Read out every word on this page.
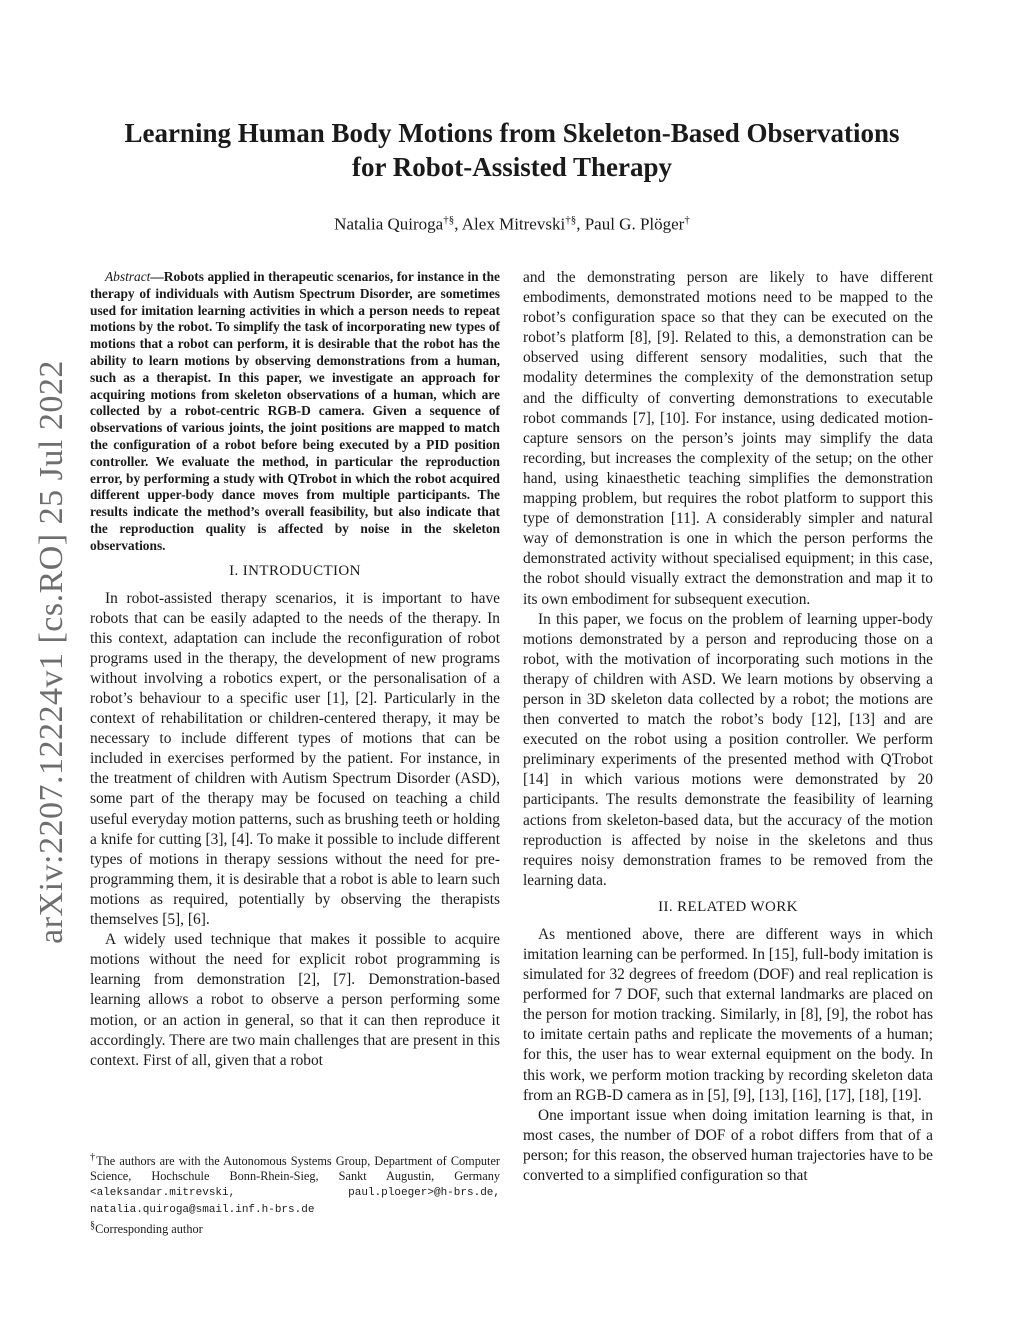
arXiv:2207.12224v1 [cs.RO] 25 Jul 2022
Learning Human Body Motions from Skeleton-Based Observations
for Robot-Assisted Therapy
Natalia Quiroga†§, Alex Mitrevski†§, Paul G. Plöger†

Abstract—Robots applied in therapeutic scenarios, for instance in the therapy of individuals with Autism Spectrum Disorder, are sometimes used for imitation learning activities in which a person needs to repeat motions by the robot. To simplify the task of incorporating new types of motions that a robot can perform, it is desirable that the robot has the ability to learn motions by observing demonstrations from a human, such as a therapist. In this paper, we investigate an approach for acquiring motions from skeleton observations of a human, which are collected by a robot-centric RGB-D camera. Given a sequence of observations of various joints, the joint positions are mapped to match the configuration of a robot before being executed by a PID position controller. We evaluate the method, in particular the reproduction error, by performing a study with QTrobot in which the robot acquired different upper-body dance moves from multiple participants. The results indicate the method’s overall feasibility, but also indicate that the reproduction quality is affected by noise in the skeleton observations.

I. INTRODUCTION

In robot-assisted therapy scenarios, it is important to have robots that can be easily adapted to the needs of the therapy. In this context, adaptation can include the reconfiguration of robot programs used in the therapy, the development of new programs without involving a robotics expert, or the personalisation of a robot’s behaviour to a specific user [1], [2]. Particularly in the context of rehabilitation or children-centered therapy, it may be necessary to include different types of motions that can be included in exercises performed by the patient. For instance, in the treatment of children with Autism Spectrum Disorder (ASD), some part of the therapy may be focused on teaching a child useful everyday motion patterns, such as brushing teeth or holding a knife for cutting [3], [4]. To make it possible to include different types of motions in therapy sessions without the need for pre-programming them, it is desirable that a robot is able to learn such motions as required, potentially by observing the therapists themselves [5], [6].

A widely used technique that makes it possible to acquire motions without the need for explicit robot programming is learning from demonstration [2], [7]. Demonstration-based learning allows a robot to observe a person performing some motion, or an action in general, so that it can then reproduce it accordingly. There are two main challenges that are present in this context. First of all, given that a robot

†The authors are with the Autonomous Systems Group, Department of Computer Science, Hochschule Bonn-Rhein-Sieg, Sankt Augustin, Germany <aleksandar.mitrevski, paul.ploeger>@h-brs.de, natalia.quiroga@smail.inf.h-brs.de

§Corresponding author

and the demonstrating person are likely to have different embodiments, demonstrated motions need to be mapped to the robot’s configuration space so that they can be executed on the robot’s platform [8], [9]. Related to this, a demonstration can be observed using different sensory modalities, such that the modality determines the complexity of the demonstration setup and the difficulty of converting demonstrations to executable robot commands [7], [10]. For instance, using dedicated motion-capture sensors on the person’s joints may simplify the data recording, but increases the complexity of the setup; on the other hand, using kinaesthetic teaching simplifies the demonstration mapping problem, but requires the robot platform to support this type of demonstration [11]. A considerably simpler and natural way of demonstration is one in which the person performs the demonstrated activity without specialised equipment; in this case, the robot should visually extract the demonstration and map it to its own embodiment for subsequent execution.

In this paper, we focus on the problem of learning upper-body motions demonstrated by a person and reproducing those on a robot, with the motivation of incorporating such motions in the therapy of children with ASD. We learn motions by observing a person in 3D skeleton data collected by a robot; the motions are then converted to match the robot’s body [12], [13] and are executed on the robot using a position controller. We perform preliminary experiments of the presented method with QTrobot [14] in which various motions were demonstrated by 20 participants. The results demonstrate the feasibility of learning actions from skeleton-based data, but the accuracy of the motion reproduction is affected by noise in the skeletons and thus requires noisy demonstration frames to be removed from the learning data.

II. RELATED WORK

As mentioned above, there are different ways in which imitation learning can be performed. In [15], full-body imitation is simulated for 32 degrees of freedom (DOF) and real replication is performed for 7 DOF, such that external landmarks are placed on the person for motion tracking. Similarly, in [8], [9], the robot has to imitate certain paths and replicate the movements of a human; for this, the user has to wear external equipment on the body. In this work, we perform motion tracking by recording skeleton data from an RGB-D camera as in [5], [9], [13], [16], [17], [18], [19].

One important issue when doing imitation learning is that, in most cases, the number of DOF of a robot differs from that of a person; for this reason, the observed human trajectories have to be converted to a simplified configuration so that
